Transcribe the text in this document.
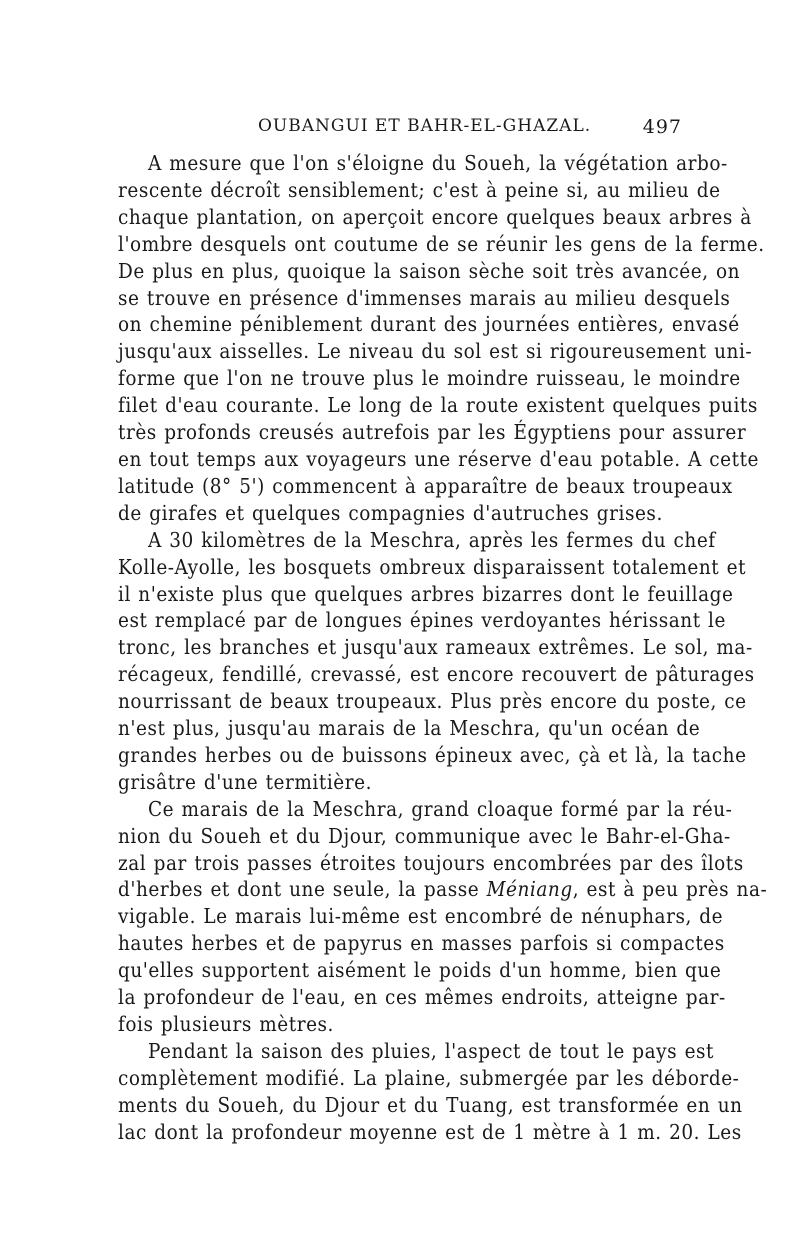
OUBANGUI ET BAHR-EL-GHAZAL.	497

A mesure que l'on s'éloigne du Soueh, la végétation arbo-
rescente décroît sensiblement; c'est à peine si, au milieu de
chaque plantation, on aperçoit encore quelques beaux arbres à
l'ombre desquels ont coutume de se réunir les gens de la ferme.
De plus en plus, quoique la saison sèche soit très avancée, on
se trouve en présence d'immenses marais au milieu desquels
on chemine péniblement durant des journées entières, envasé
jusqu'aux aisselles. Le niveau du sol est si rigoureusement uni-
forme que l'on ne trouve plus le moindre ruisseau, le moindre
filet d'eau courante. Le long de la route existent quelques puits
très profonds creusés autrefois par les Égyptiens pour assurer
en tout temps aux voyageurs une réserve d'eau potable. A cette
latitude (8° 5') commencent à apparaître de beaux troupeaux
de girafes et quelques compagnies d'autruches grises.

A 30 kilomètres de la Meschra, après les fermes du chef
Kolle-Ayolle, les bosquets ombreux disparaissent totalement et
il n'existe plus que quelques arbres bizarres dont le feuillage
est remplacé par de longues épines verdoyantes hérissant le
tronc, les branches et jusqu'aux rameaux extrêmes. Le sol, ma-
récageux, fendillé, crevassé, est encore recouvert de pâturages
nourrissant de beaux troupeaux. Plus près encore du poste, ce
n'est plus, jusqu'au marais de la Meschra, qu'un océan de
grandes herbes ou de buissons épineux avec, çà et là, la tache
grisâtre d'une termitière.

Ce marais de la Meschra, grand cloaque formé par la réu-
nion du Soueh et du Djour, communique avec le Bahr-el-Gha-
zal par trois passes étroites toujours encombrées par des îlots
d'herbes et dont une seule, la passe Méniang, est à peu près na-
vigable. Le marais lui-même est encombré de nénuphars, de
hautes herbes et de papyrus en masses parfois si compactes
qu'elles supportent aisément le poids d'un homme, bien que
la profondeur de l'eau, en ces mêmes endroits, atteigne par-
fois plusieurs mètres.

Pendant la saison des pluies, l'aspect de tout le pays est
complètement modifié. La plaine, submergée par les déborde-
ments du Soueh, du Djour et du Tuang, est transformée en un
lac dont la profondeur moyenne est de 1 mètre à 1 m. 20. Les
